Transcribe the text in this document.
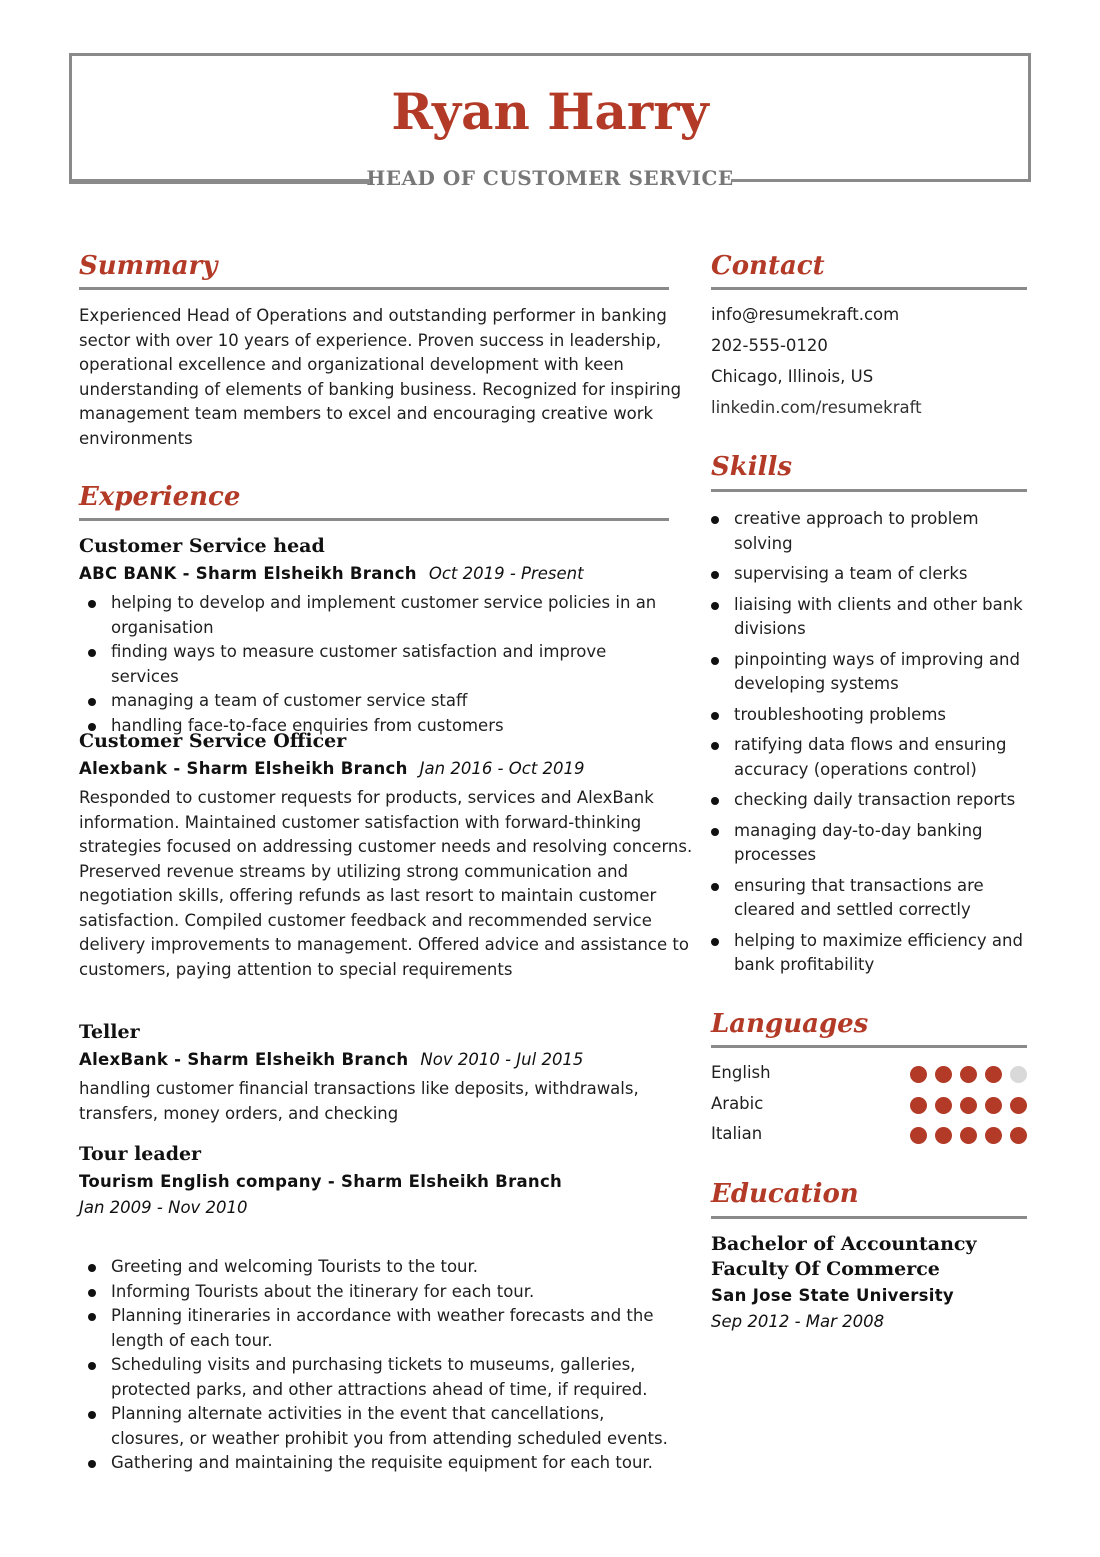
Ryan Harry
HEAD OF CUSTOMER SERVICE
Summary
Experienced Head of Operations and outstanding performer in banking
sector with over 10 years of experience. Proven success in leadership,
operational excellence and organizational development with keen
understanding of elements of banking business. Recognized for inspiring
management team members to excel and encouraging creative work
environments
Experience
Customer Service head
ABC BANK - Sharm Elsheikh Branch Oct 2019 - Present
helping to develop and implement customer service policies in an organisation
finding ways to measure customer satisfaction and improve services
managing a team of customer service staff
handling face-to-face enquiries from customers
Customer Service Officer
Alexbank - Sharm Elsheikh Branch Jan 2016 - Oct 2019
Responded to customer requests for products, services and AlexBank
information. Maintained customer satisfaction with forward-thinking
strategies focused on addressing customer needs and resolving concerns.
Preserved revenue streams by utilizing strong communication and
negotiation skills, offering refunds as last resort to maintain customer
satisfaction. Compiled customer feedback and recommended service
delivery improvements to management. Offered advice and assistance to
customers, paying attention to special requirements
Teller
AlexBank - Sharm Elsheikh Branch Nov 2010 - Jul 2015
handling customer financial transactions like deposits, withdrawals,
transfers, money orders, and checking
Tour leader
Tourism English company - Sharm Elsheikh Branch
Jan 2009 - Nov 2010
Greeting and welcoming Tourists to the tour.
Informing Tourists about the itinerary for each tour.
Planning itineraries in accordance with weather forecasts and the length of each tour.
Scheduling visits and purchasing tickets to museums, galleries, protected parks, and other attractions ahead of time, if required.
Planning alternate activities in the event that cancellations, closures, or weather prohibit you from attending scheduled events.
Gathering and maintaining the requisite equipment for each tour.
Contact
info@resumekraft.com
202-555-0120
Chicago, Illinois, US
linkedin.com/resumekraft
Skills
creative approach to problem solving
supervising a team of clerks
liaising with clients and other bank divisions
pinpointing ways of improving and developing systems
troubleshooting problems
ratifying data flows and ensuring accuracy (operations control)
checking daily transaction reports
managing day-to-day banking processes
ensuring that transactions are cleared and settled correctly
helping to maximize efficiency and bank profitability
Languages
English
Arabic
Italian
Education
Bachelor of Accountancy
Faculty Of Commerce
San Jose State University
Sep 2012 - Mar 2008
